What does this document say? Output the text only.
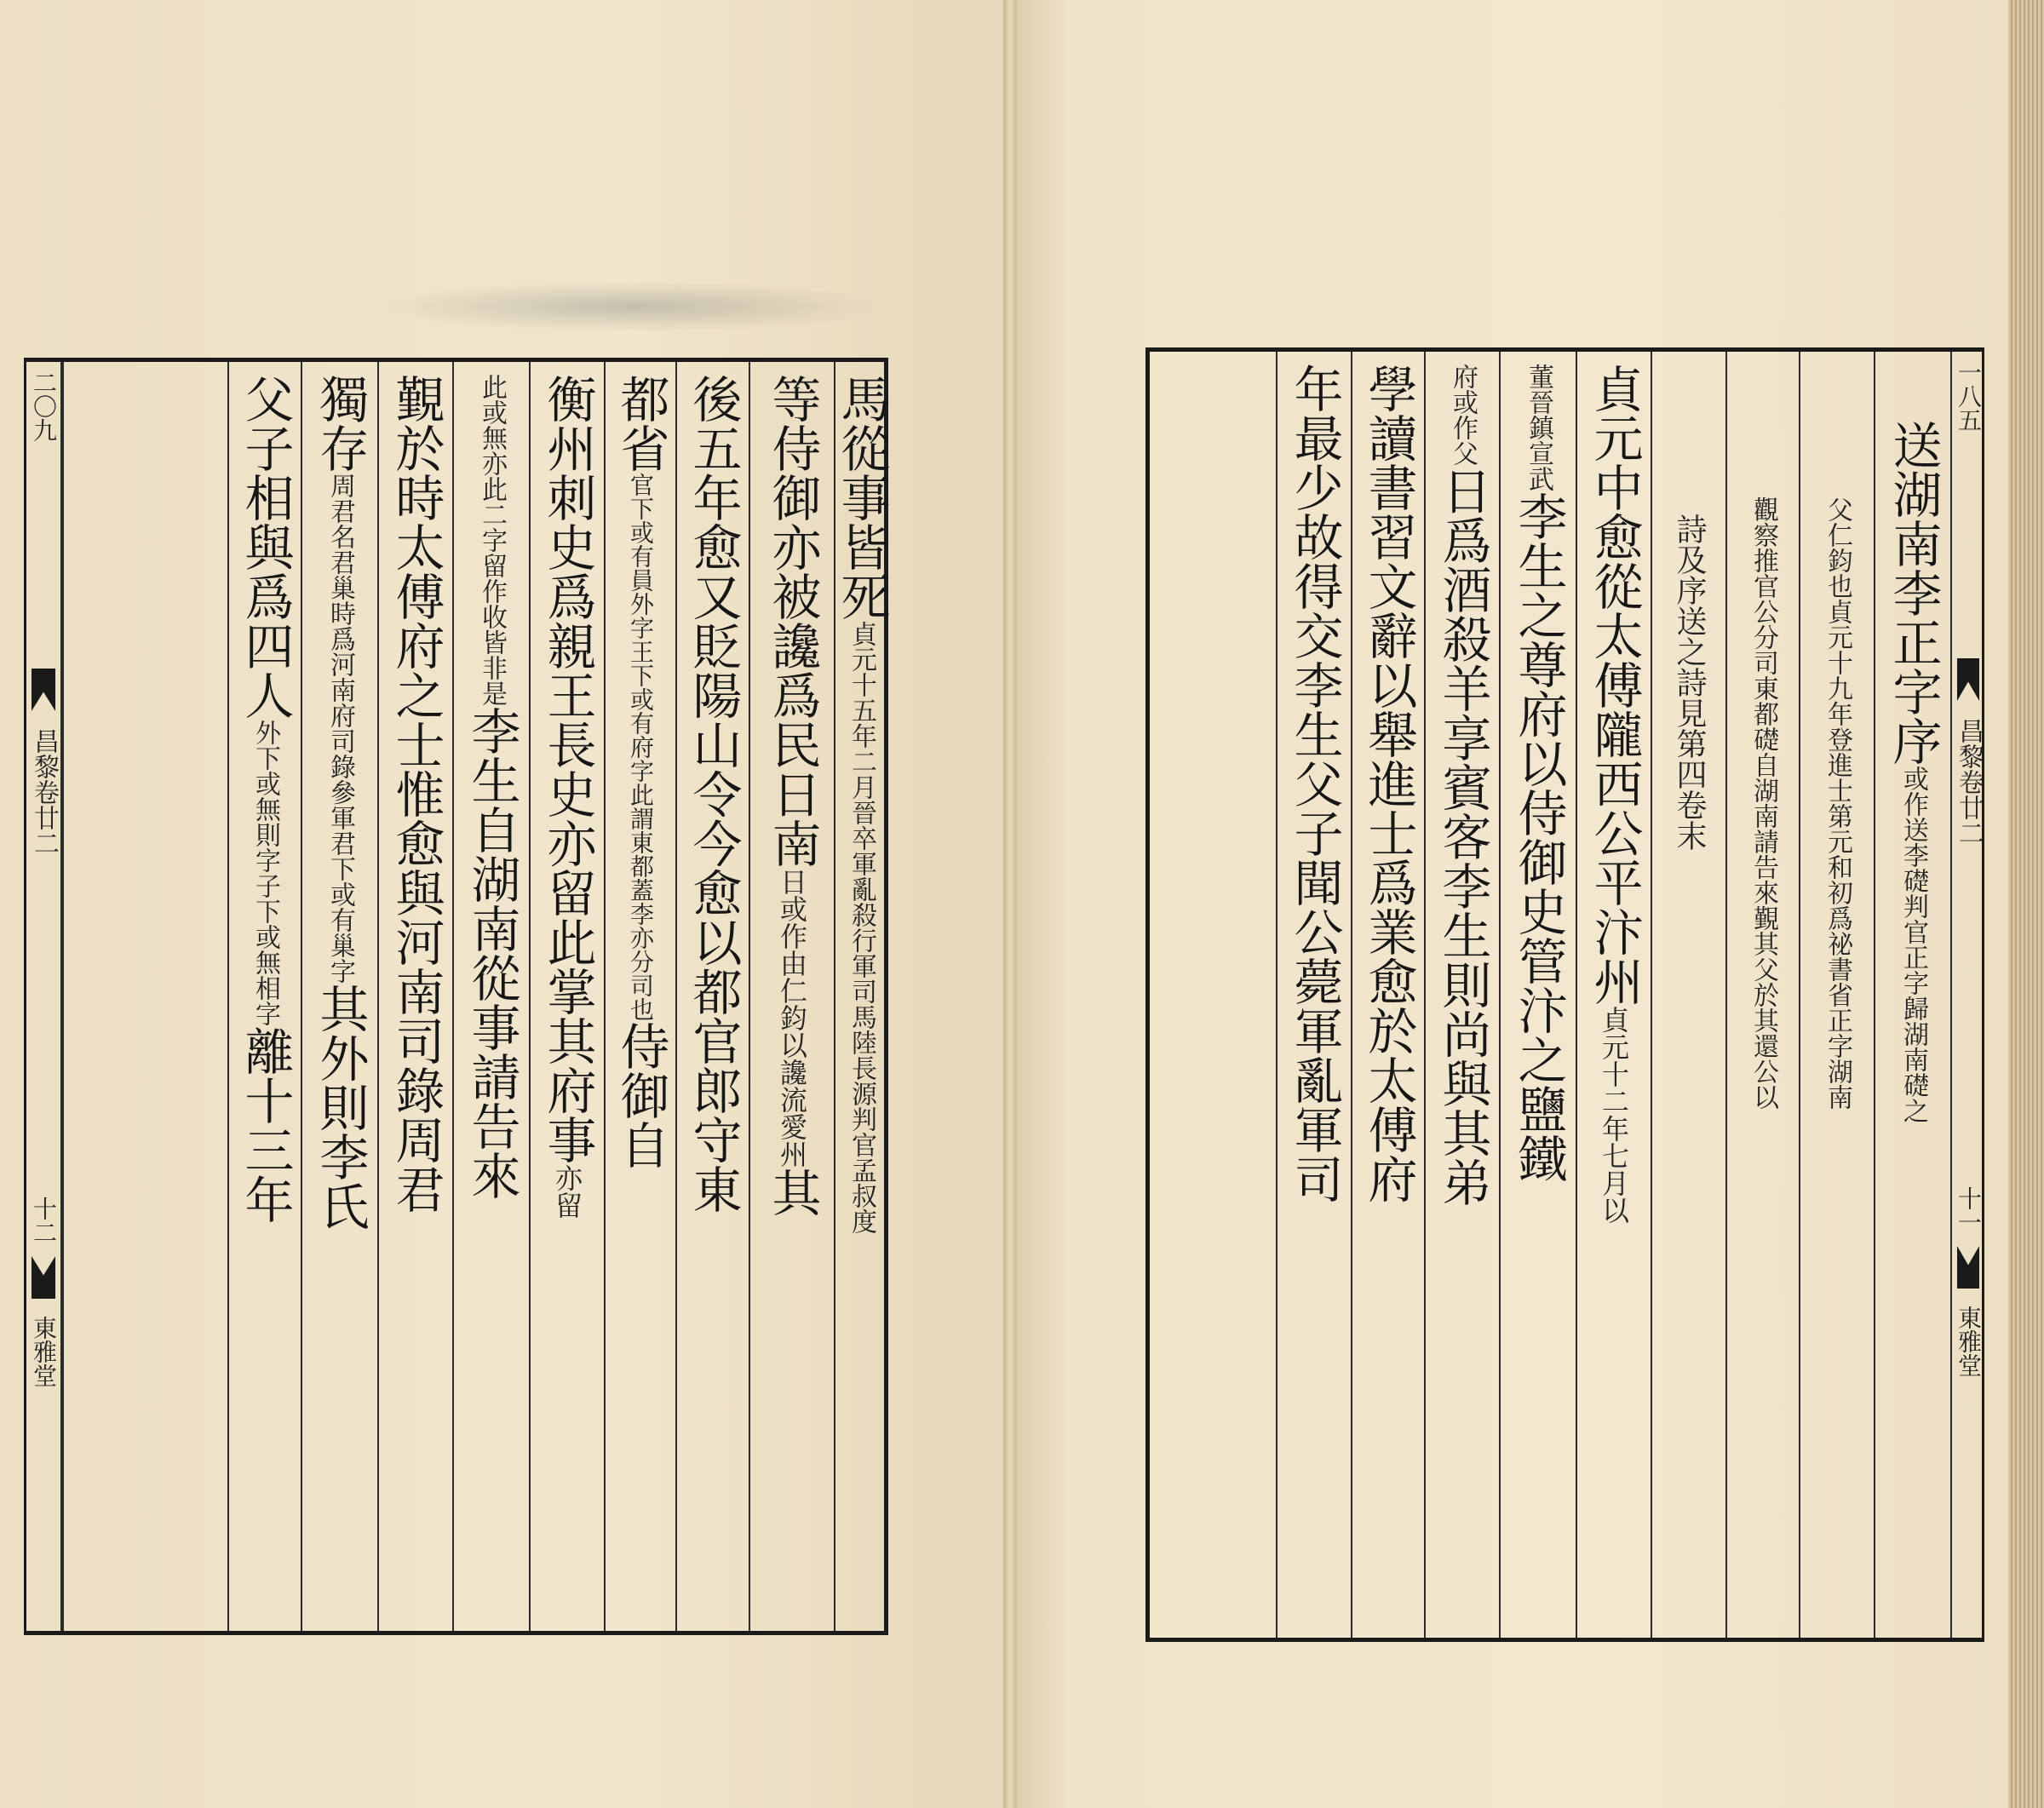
二〇九
昌黎卷廿二
十二
東雅堂
馬從事皆死
貞元十五年二月晉卒軍亂殺行軍司馬陸長源判官孟叔度
等侍御亦被讒爲民日南
日或作由仁鈞以讒流愛州
其
後五年愈又貶陽山令今愈以都官郎守東
都省
官下或有員外字王下或有府字此謂東都蓋李亦分司也
侍御自
衡州刺史爲親王長史亦留此掌其府事
亦留
此或無亦此二字留作收皆非是
李生自湖南從事請告來
覲於時太傅府之士惟愈與河南司錄周君
獨存
周君名君巢時爲河南府司錄參軍君下或有巢字
其外則李氏
父子相與爲四人
外下或無則字子下或無相字
離十三年
一八五
昌黎卷廿二
十一
東雅堂
送湖南李正字序
或作送李礎判官正字歸湖南礎之
父仁鈞也貞元十九年登進士第元和初爲祕書省正字湖南
觀察推官公分司東都礎自湖南請告來覲其父於其還公以
詩及序送之詩見第四卷末
貞元中愈從太傅隴西公平汴州
貞元十二年七月以
董晉鎮宣武
李生之尊府以侍御史管汴之鹽鐵
府或作父
日爲酒殺羊享賓客李生則尚與其弟
學讀書習文辭以舉進士爲業愈於太傅府
年最少故得交李生父子聞公薨軍亂軍司
